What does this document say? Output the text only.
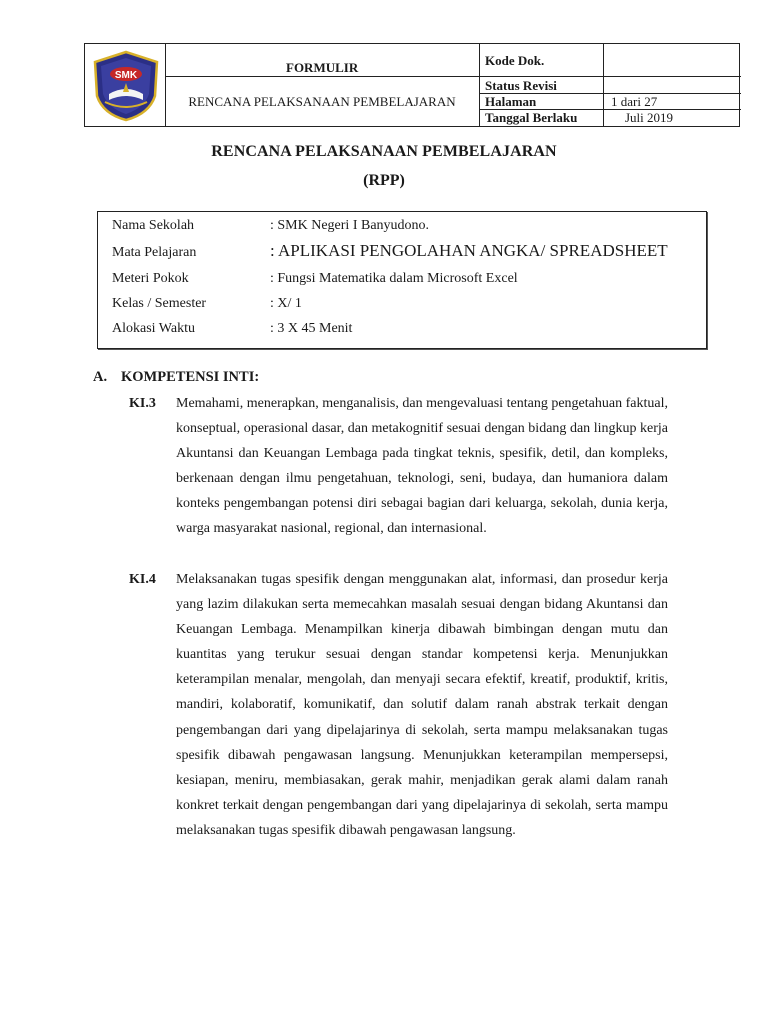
SMK
FORMULIR
RENCANA PELAKSANAAN PEMBELAJARAN
Kode Dok.
Status Revisi
Halaman	1 dari 27
Tanggal Berlaku	Juli 2019
RENCANA PELAKSANAAN PEMBELAJARAN
(RPP)
Nama Sekolah	: SMK Negeri I Banyudono.
Mata Pelajaran	: APLIKASI PENGOLAHAN ANGKA/ SPREADSHEET
Meteri Pokok	: Fungsi Matematika dalam Microsoft Excel
Kelas / Semester	: X/ 1
Alokasi Waktu	: 3 X 45 Menit
A. KOMPETENSI INTI:
KI.3 Memahami, menerapkan, menganalisis, dan mengevaluasi tentang pengetahuan faktual, konseptual, operasional dasar, dan metakognitif sesuai dengan bidang dan lingkup kerja Akuntansi dan Keuangan Lembaga pada tingkat teknis, spesifik, detil, dan kompleks, berkenaan dengan ilmu pengetahuan, teknologi, seni, budaya, dan humaniora dalam konteks pengembangan potensi diri sebagai bagian dari keluarga, sekolah, dunia kerja, warga masyarakat nasional, regional, dan internasional.
KI.4 Melaksanakan tugas spesifik dengan menggunakan alat, informasi, dan prosedur kerja yang lazim dilakukan serta memecahkan masalah sesuai dengan bidang Akuntansi dan Keuangan Lembaga. Menampilkan kinerja dibawah bimbingan dengan mutu dan kuantitas yang terukur sesuai dengan standar kompetensi kerja. Menunjukkan keterampilan menalar, mengolah, dan menyaji secara efektif, kreatif, produktif, kritis, mandiri, kolaboratif, komunikatif, dan solutif dalam ranah abstrak terkait dengan pengembangan dari yang dipelajarinya di sekolah, serta mampu melaksanakan tugas spesifik dibawah pengawasan langsung. Menunjukkan keterampilan mempersepsi, kesiapan, meniru, membiasakan, gerak mahir, menjadikan gerak alami dalam ranah konkret terkait dengan pengembangan dari yang dipelajarinya di sekolah, serta mampu melaksanakan tugas spesifik dibawah pengawasan langsung.
